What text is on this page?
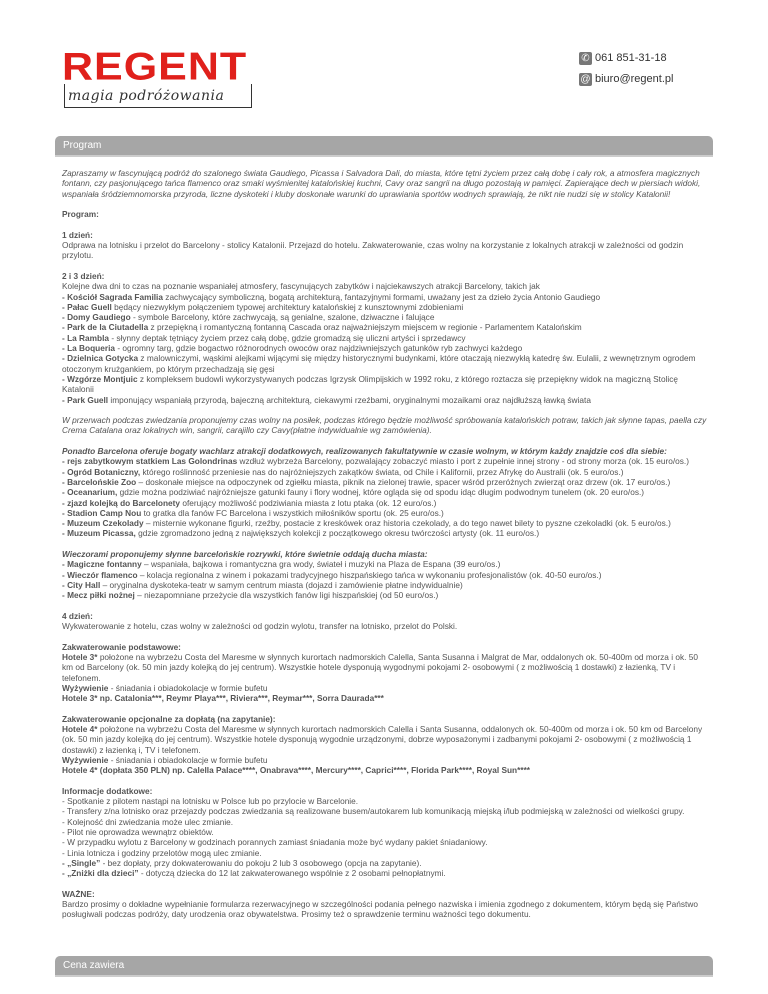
REGENT
magia podróżowania
✆ 061 851-31-18
@ biuro@regent.pl
Program

Zapraszamy w fascynującą podróż do szalonego świata Gaudiego, Picassa i Salvadora Dali, do miasta, które tętni życiem przez całą dobę i cały rok, a atmosfera magicznych fontann, czy pasjonującego tańca flamenco oraz smaki wyśmienitej katalońskiej kuchni, Cavy oraz sangrii na długo pozostają w pamięci. Zapierające dech w piersiach widoki, wspaniała śródziemnomorska przyroda, liczne dyskoteki i kluby doskonałe warunki do uprawiania sportów wodnych sprawiają, że nikt nie nudzi się w stolicy Katalonii!

Program:

1 dzień:

Odprawa na lotnisku i przelot do Barcelony - stolicy Katalonii. Przejazd do hotelu. Zakwaterowanie, czas wolny na korzystanie z lokalnych atrakcji w zależności od godzin przylotu.

2 i 3 dzień:

Kolejne dwa dni to czas na poznanie wspaniałej atmosfery, fascynujących zabytków i najciekawszych atrakcji Barcelony, takich jak

- Kościół Sagrada Familia zachwycający symboliczną, bogatą architekturą, fantazyjnymi formami, uważany jest za dzieło życia Antonio Gaudiego

- Pałac Guell będący niezwykłym połączeniem typowej architektury katalońskiej z kunsztownymi zdobieniami

- Domy Gaudiego - symbole Barcelony, które zachwycają, są genialne, szalone, dziwaczne i falujące

- Park de la Ciutadella z przepiękną i romantyczną fontanną Cascada oraz najważniejszym miejscem w regionie - Parlamentem Katalońskim

- La Rambla - słynny deptak tętniący życiem przez całą dobę, gdzie gromadzą się uliczni artyści i sprzedawcy

- La Boqueria - ogromny targ, gdzie bogactwo różnorodnych owoców oraz najdziwniejszych gatunków ryb zachwyci każdego

- Dzielnica Gotycka z malowniczymi, wąskimi alejkami wijącymi się między historycznymi budynkami, które otaczają niezwykłą katedrę św. Eulalii, z wewnętrznym ogrodem otoczonym krużgankiem, po którym przechadzają się gęsi

- Wzgórze Montjuic z kompleksem budowli wykorzystywanych podczas Igrzysk Olimpijskich w 1992 roku, z którego roztacza się przepiękny widok na magiczną Stolicę Katalonii

- Park Guell imponujący wspaniałą przyrodą, bajeczną architekturą, ciekawymi rzeźbami, oryginalnymi mozaikami oraz najdłuższą ławką świata

W przerwach podczas zwiedzania proponujemy czas wolny na posiłek, podczas którego będzie możliwość spróbowania katalońskich potraw, takich jak słynne tapas, paella czy Crema Catalana oraz lokalnych win, sangrii, carajillo czy Cavy(płatne indywidualnie wg zamówienia).

Ponadto Barcelona oferuje bogaty wachlarz atrakcji dodatkowych, realizowanych fakultatywnie w czasie wolnym, w którym każdy znajdzie coś dla siebie:

- rejs zabytkowym statkiem Las Golondrinas wzdłuż wybrzeża Barcelony, pozwalający zobaczyć miasto i port z zupełnie innej strony - od strony morza (ok. 15 euro/os.)

- Ogród Botaniczny, którego roślinność przeniesie nas do najróżniejszych zakątków świata, od Chile i Kalifornii, przez Afrykę do Australii (ok. 5 euro/os.)

- Barcelońskie Zoo – doskonałe miejsce na odpoczynek od zgiełku miasta, piknik na zielonej trawie, spacer wśród przeróżnych zwierząt oraz drzew (ok. 17 euro/os.)

- Oceanarium, gdzie można podziwiać najróżniejsze gatunki fauny i flory wodnej, które ogląda się od spodu idąc długim podwodnym tunelem (ok. 20 euro/os.)

- zjazd kolejką do Barcelonety oferujący możliwość podziwiania miasta z lotu ptaka (ok. 12 euro/os.)

- Stadion Camp Nou to gratka dla fanów FC Barcelona i wszystkich miłośników sportu (ok. 25 euro/os.)

- Muzeum Czekolady – misternie wykonane figurki, rzeźby, postacie z kreskówek oraz historia czekolady, a do tego nawet bilety to pyszne czekoladki (ok. 5 euro/os.)

- Muzeum Picassa, gdzie zgromadzono jedną z największych kolekcji z początkowego okresu twórczości artysty (ok. 11 euro/os.)

Wieczorami proponujemy słynne barcelońskie rozrywki, które świetnie oddają ducha miasta:

- Magiczne fontanny – wspaniała, bajkowa i romantyczna gra wody, świateł i muzyki na Plaza de Espana (39 euro/os.)

- Wieczór flamenco – kolacja regionalna z winem i pokazami tradycyjnego hiszpańskiego tańca w wykonaniu profesjonalistów (ok. 40-50 euro/os.)

- City Hall – oryginalna dyskoteka-teatr w samym centrum miasta (dojazd i zamówienie płatne indywidualnie)

- Mecz piłki nożnej – niezapomniane przeżycie dla wszystkich fanów ligi hiszpańskiej (od 50 euro/os.)

4 dzień:

Wykwaterowanie z hotelu, czas wolny w zależności od godzin wylotu, transfer na lotnisko, przelot do Polski.

Zakwaterowanie podstawowe:

Hotele 3* położone na wybrzeżu Costa del Maresme w słynnych kurortach nadmorskich Calella, Santa Susanna i Malgrat de Mar, oddalonych ok. 50-400m od morza i ok. 50 km od Barcelony (ok. 50 min jazdy kolejką do jej centrum). Wszystkie hotele dysponują wygodnymi pokojami 2- osobowymi ( z możliwością 1 dostawki) z łazienką, TV i telefonem.

Wyżywienie - śniadania i obiadokolacje w formie bufetu

Hotele 3* np. Catalonia***, Reymr Playa***, Riviera***, Reymar***, Sorra Daurada***

Zakwaterowanie opcjonalne za dopłatą (na zapytanie):

Hotele 4* położone na wybrzeżu Costa del Maresme w słynnych kurortach nadmorskich Calella i Santa Susanna, oddalonych ok. 50-400m od morza i ok. 50 km od Barcelony (ok. 50 min jazdy kolejką do jej centrum). Wszystkie hotele dysponują wygodnie urządzonymi, dobrze wyposażonymi i zadbanymi pokojami 2- osobowymi ( z możliwością 1 dostawki) z łazienką i, TV i telefonem.

Wyżywienie - śniadania i obiadokolacje w formie bufetu

Hotele 4* (dopłata 350 PLN) np. Calella Palace****, Onabrava****, Mercury****, Caprici****, Florida Park****, Royal Sun****

Informacje dodatkowe:

- Spotkanie z pilotem nastąpi na lotnisku w Polsce lub po przylocie w Barcelonie.

- Transfery z/na lotnisko oraz przejazdy podczas zwiedzania są realizowane busem/autokarem lub komunikacją miejską i/lub podmiejską w zależności od wielkości grupy.

- Kolejność dni zwiedzania może ulec zmianie.

- Pilot nie oprowadza wewnątrz obiektów.

- W przypadku wylotu z Barcelony w godzinach porannych zamiast śniadania może być wydany pakiet śniadaniowy.

- Linia lotnicza i godziny przelotów mogą ulec zmianie.

- „Single” - bez dopłaty, przy dokwaterowaniu do pokoju 2 lub 3 osobowego (opcja na zapytanie).

- „Zniżki dla dzieci” - dotyczą dziecka do 12 lat zakwaterowanego wspólnie z 2 osobami pełnopłatnymi.

WAŻNE:

Bardzo prosimy o dokładne wypełnianie formularza rezerwacyjnego w szczególności podania pełnego nazwiska i imienia zgodnego z dokumentem, którym będą się Państwo posługiwali podczas podróży, daty urodzenia oraz obywatelstwa. Prosimy też o sprawdzenie terminu ważności tego dokumentu.

Cena zawiera
